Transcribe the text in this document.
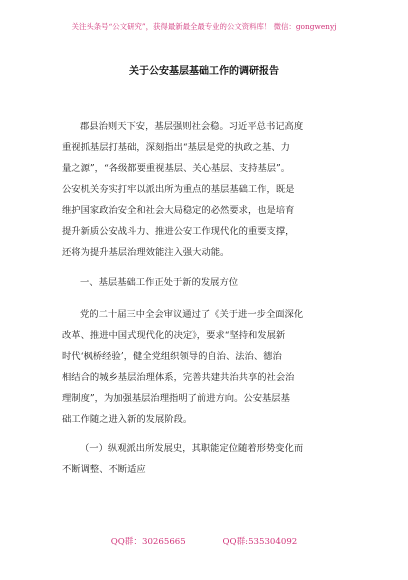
关注头条号“公文研究”，获得最新最全最专业的公文资料库！ 微信：gongwenyj
关于公安基层基础工作的调研报告
郡县治则天下安，基层强则社会稳。习近平总书记高度
重视抓基层打基础，深刻指出“基层是党的执政之基、力
量之源”，“各级都要重视基层、关心基层、支持基层”。
公安机关夯实打牢以派出所为重点的基层基础工作，既是
维护国家政治安全和社会大局稳定的必然要求，也是培育
提升新质公安战斗力、推进公安工作现代化的重要支撑，
还将为提升基层治理效能注入强大动能。
一、基层基础工作正处于新的发展方位
党的二十届三中全会审议通过了《关于进一步全面深化
改革、推进中国式现代化的决定》，要求“坚持和发展新
时代‘枫桥经验’，健全党组织领导的自治、法治、德治
相结合的城乡基层治理体系，完善共建共治共享的社会治
理制度”，为加强基层治理指明了前进方向。公安基层基
础工作随之进入新的发展阶段。
（一）纵观派出所发展史，其职能定位随着形势变化而
不断调整、不断适应
QQ群：30265665	QQ群:535304092
